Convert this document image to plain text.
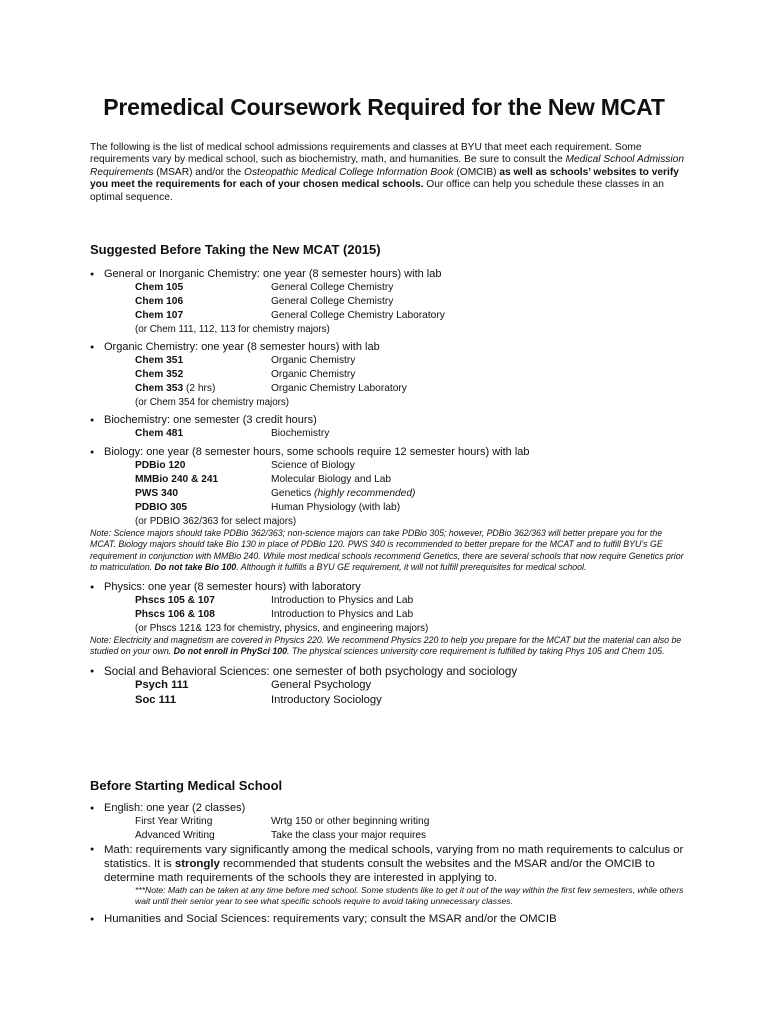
Premedical Coursework Required for the New MCAT
The following is the list of medical school admissions requirements and classes at BYU that meet each requirement. Some requirements vary by medical school, such as biochemistry, math, and humanities. Be sure to consult the Medical School Admission Requirements (MSAR) and/or the Osteopathic Medical College Information Book (OMCIB) as well as schools’ websites to verify you meet the requirements for each of your chosen medical schools. Our office can help you schedule these classes in an optimal sequence.
Suggested Before Taking the New MCAT (2015)
● General or Inorganic Chemistry: one year (8 semester hours) with lab
Chem 105	General College Chemistry
Chem 106	General College Chemistry
Chem 107	General College Chemistry Laboratory
(or Chem 111, 112, 113 for chemistry majors)
● Organic Chemistry: one year (8 semester hours) with lab
Chem 351	Organic Chemistry
Chem 352	Organic Chemistry
Chem 353 (2 hrs)	Organic Chemistry Laboratory
(or Chem 354 for chemistry majors)
● Biochemistry: one semester (3 credit hours)
Chem 481	Biochemistry
● Biology: one year (8 semester hours, some schools require 12 semester hours) with lab
PDBio 120	Science of Biology
MMBio 240 & 241	Molecular Biology and Lab
PWS 340	Genetics (highly recommended)
PDBIO 305	Human Physiology (with lab)
(or PDBIO 362/363 for select majors)
Note: Science majors should take PDBio 362/363; non-science majors can take PDBio 305; however, PDBio 362/363 will better prepare you for the MCAT. Biology majors should take Bio 130 in place of PDBio 120. PWS 340 is recommended to better prepare for the MCAT and to fulfill BYU’s GE requirement in conjunction with MMBio 240. While most medical schools recommend Genetics, there are several schools that now require Genetics prior to matriculation. Do not take Bio 100. Although it fulfills a BYU GE requirement, it will not fulfill prerequisites for medical school.
● Physics: one year (8 semester hours) with laboratory
Phscs 105 & 107	Introduction to Physics and Lab
Phscs 106 & 108	Introduction to Physics and Lab
(or Phscs 121& 123 for chemistry, physics, and engineering majors)
Note: Electricity and magnetism are covered in Physics 220. We recommend Physics 220 to help you prepare for the MCAT but the material can also be studied on your own. Do not enroll in PhySci 100. The physical sciences university core requirement is fulfilled by taking Phys 105 and Chem 105.
● Social and Behavioral Sciences: one semester of both psychology and sociology
Psych 111	General Psychology
Soc 111	Introductory Sociology
Before Starting Medical School
● English: one year (2 classes)
First Year Writing	Wrtg 150 or other beginning writing
Advanced Writing	Take the class your major requires
● Math: requirements vary significantly among the medical schools, varying from no math requirements to calculus or statistics. It is strongly recommended that students consult the websites and the MSAR and/or the OMCIB to determine math requirements of the schools they are interested in applying to.
***Note: Math can be taken at any time before med school. Some students like to get it out of the way within the first few semesters, while others wait until their senior year to see what specific schools require to avoid taking unnecessary classes.
● Humanities and Social Sciences: requirements vary; consult the MSAR and/or the OMCIB
